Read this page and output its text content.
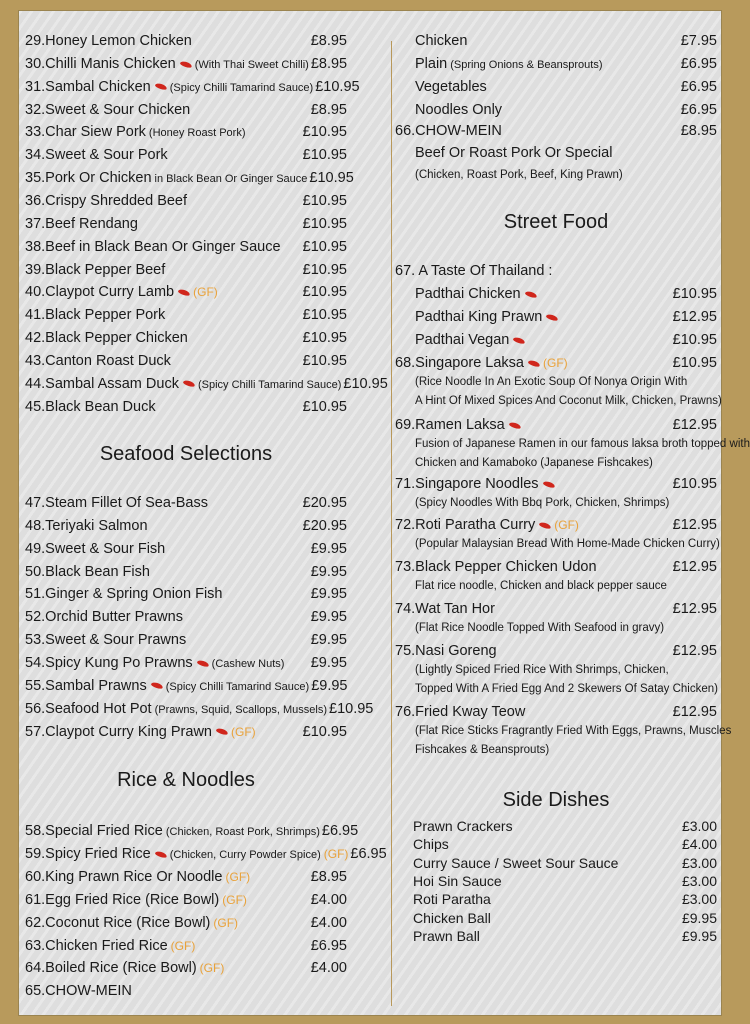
Seafood Selections
Rice & Noodles
29.Honey Lemon Chicken	£8.95
30.Chilli Manis Chicken (With Thai Sweet Chilli) £8.95
31.Sambal Chicken (Spicy Chilli Tamarind Sauce) £10.95
32.Sweet & Sour Chicken	£8.95
33.Char Siew Pork (Honey Roast Pork)	£10.95
34.Sweet & Sour Pork	£10.95
35.Pork Or Chicken in Black Bean Or Ginger Sauce £10.95
36.Crispy Shredded Beef	£10.95
37.Beef Rendang	£10.95
38.Beef in Black Bean Or Ginger Sauce	£10.95
39.Black Pepper Beef	£10.95
40.Claypot Curry Lamb (GF)	£10.95
41.Black Pepper Pork	£10.95
42.Black Pepper Chicken	£10.95
43.Canton Roast Duck	£10.95
44.Sambal Assam Duck (Spicy Chilli Tamarind Sauce) £10.95
45.Black Bean Duck	£10.95
47.Steam Fillet Of Sea-Bass	£20.95
48.Teriyaki Salmon	£20.95
49.Sweet & Sour Fish	£9.95
50.Black Bean Fish	£9.95
51.Ginger & Spring Onion Fish	£9.95
52.Orchid Butter Prawns	£9.95
53.Sweet & Sour Prawns	£9.95
54.Spicy Kung Po Prawns (Cashew Nuts)	£9.95
55.Sambal Prawns (Spicy Chilli Tamarind Sauce) £9.95
56.Seafood Hot Pot (Prawns, Squid, Scallops, Mussels) £10.95
57.Claypot Curry King Prawn (GF)	£10.95
58.Special Fried Rice (Chicken, Roast Pork, Shrimps) £6.95
59.Spicy Fried Rice (Chicken, Curry Powder Spice) (GF) £6.95
60.King Prawn Rice Or Noodle (GF)	£8.95
61.Egg Fried Rice (Rice Bowl) (GF)	£4.00
62.Coconut Rice (Rice Bowl) (GF)	£4.00
63.Chicken Fried Rice (GF)	£6.95
64.Boiled Rice (Rice Bowl) (GF)	£4.00
65.CHOW-MEIN
Beef Or Roast Pork Or Special
(Chicken, Roast Pork, Beef, King Prawn)
Street Food
67. A Taste Of Thailand :
Side Dishes
Chicken	£7.95
Plain (Spring Onions & Beansprouts)	£6.95
Vegetables	£6.95
Noodles Only	£6.95
66.CHOW-MEIN	£8.95
Padthai Chicken	£10.95
Padthai King Prawn	£12.95
Padthai Vegan	£10.95
68.Singapore Laksa (GF)	£10.95
(Rice Noodle In An Exotic Soup Of Nonya Origin With
A Hint Of Mixed Spices And Coconut Milk, Chicken, Prawns)
69.Ramen Laksa	£12.95
Fusion of Japanese Ramen in our famous laksa broth topped with
Chicken and Kamaboko (Japanese Fishcakes)
71.Singapore Noodles	£10.95
(Spicy Noodles With Bbq Pork, Chicken, Shrimps)
72.Roti Paratha Curry (GF)	£12.95
(Popular Malaysian Bread With Home-Made Chicken Curry)
73.Black Pepper Chicken Udon	£12.95
Flat rice noodle, Chicken and black pepper sauce
74.Wat Tan Hor	£12.95
(Flat Rice Noodle Topped With Seafood in gravy)
75.Nasi Goreng	£12.95
(Lightly Spiced Fried Rice With Shrimps, Chicken,
Topped With A Fried Egg And 2 Skewers Of Satay Chicken)
76.Fried Kway Teow	£12.95
(Flat Rice Sticks Fragrantly Fried With Eggs, Prawns, Muscles
Fishcakes & Beansprouts)
Prawn Crackers	£3.00
Chips	£4.00
Curry Sauce / Sweet Sour Sauce	£3.00
Hoi Sin Sauce	£3.00
Roti Paratha	£3.00
Chicken Ball	£9.95
Prawn Ball	£9.95
